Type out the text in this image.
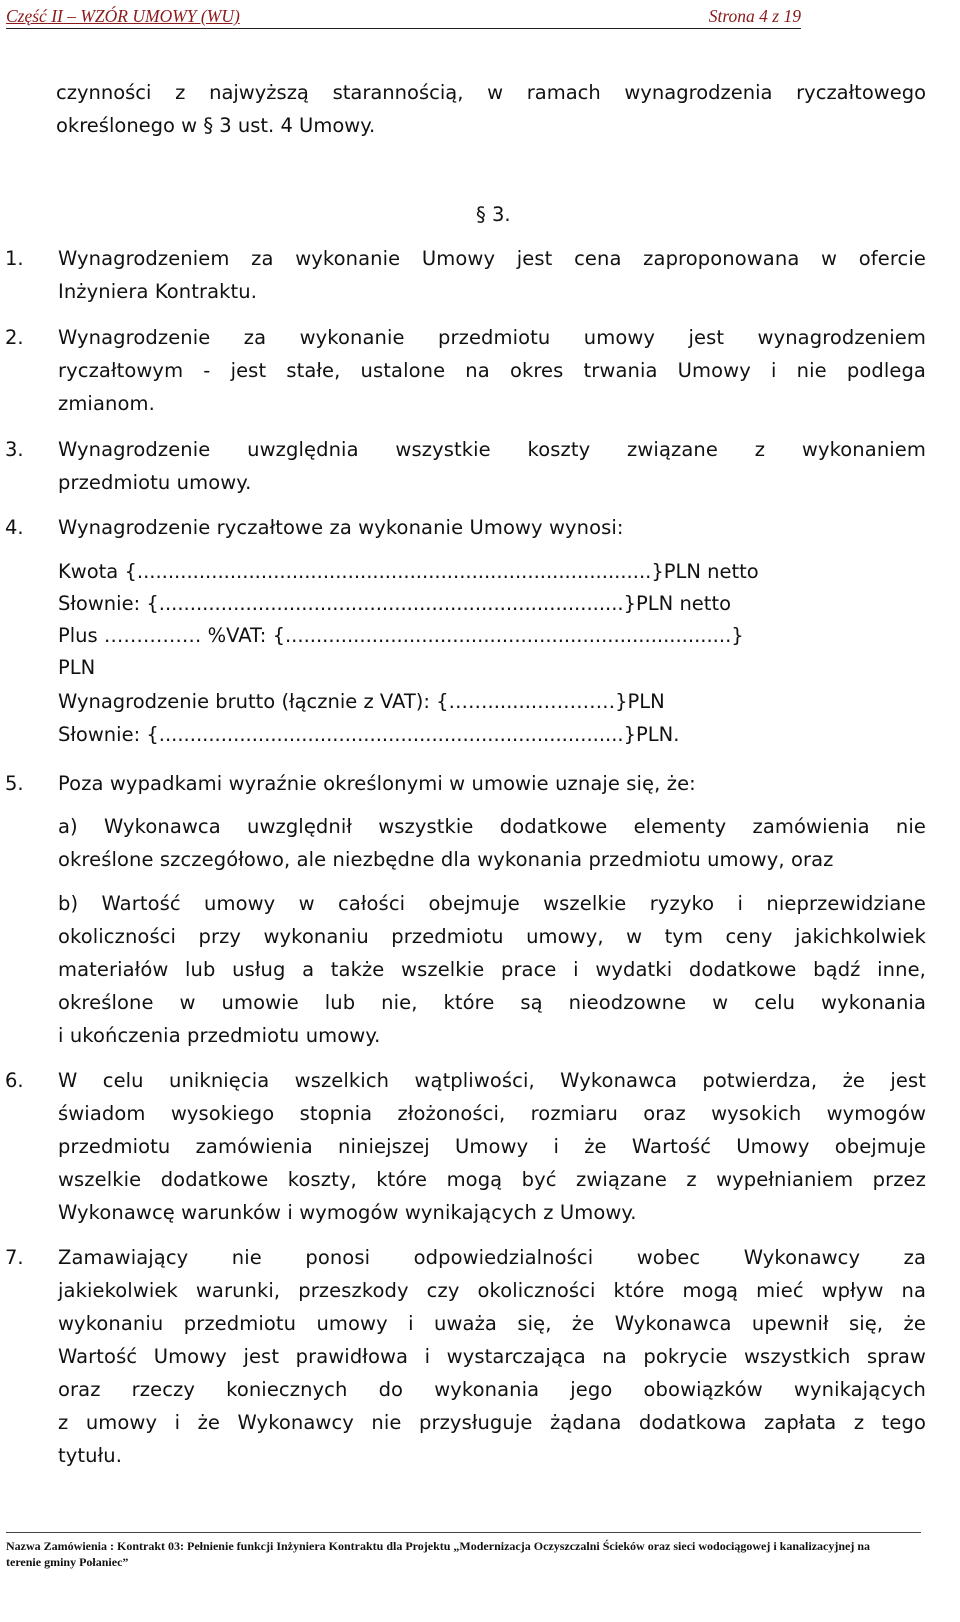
Część II – WZÓR UMOWY (WU)	Strona 4 z 19
czynności z najwyższą starannością, w ramach wynagrodzenia ryczałtowego
określonego w § 3 ust. 4 Umowy.
§ 3.
1. Wynagrodzeniem za wykonanie Umowy jest cena zaproponowana w ofercie
Inżyniera Kontraktu.
2. Wynagrodzenie za wykonanie przedmiotu umowy jest wynagrodzeniem
ryczałtowym - jest stałe, ustalone na okres trwania Umowy i nie podlega
zmianom.
3. Wynagrodzenie uwzględnia wszystkie koszty związane z wykonaniem
przedmiotu umowy.
4. Wynagrodzenie ryczałtowe za wykonanie Umowy wynosi:
Kwota {...................................................................................}PLN netto
Słownie: {...........................................................................}PLN netto
Plus …………… %VAT: {........................................................................}
PLN
Wynagrodzenie brutto (łącznie z VAT): {……........…………}PLN
Słownie: {...........................................................................}PLN.
5. Poza wypadkami wyraźnie określonymi w umowie uznaje się, że:
a) Wykonawca uwzględnił wszystkie dodatkowe elementy zamówienia nie
określone szczegółowo, ale niezbędne dla wykonania przedmiotu umowy, oraz
b) Wartość umowy w całości obejmuje wszelkie ryzyko i nieprzewidziane
okoliczności przy wykonaniu przedmiotu umowy, w tym ceny jakichkolwiek
materiałów lub usług a także wszelkie prace i wydatki dodatkowe bądź inne,
określone w umowie lub nie, które są nieodzowne w celu wykonania
i ukończenia przedmiotu umowy.
6. W celu uniknięcia wszelkich wątpliwości, Wykonawca potwierdza, że jest
świadom wysokiego stopnia złożoności, rozmiaru oraz wysokich wymogów
przedmiotu zamówienia niniejszej Umowy i że Wartość Umowy obejmuje
wszelkie dodatkowe koszty, które mogą być związane z wypełnianiem przez
Wykonawcę warunków i wymogów wynikających z Umowy.
7. Zamawiający nie ponosi odpowiedzialności wobec Wykonawcy za
jakiekolwiek warunki, przeszkody czy okoliczności które mogą mieć wpływ na
wykonaniu przedmiotu umowy i uważa się, że Wykonawca upewnił się, że
Wartość Umowy jest prawidłowa i wystarczająca na pokrycie wszystkich spraw
oraz rzeczy koniecznych do wykonania jego obowiązków wynikających
z umowy i że Wykonawcy nie przysługuje żądana dodatkowa zapłata z tego
tytułu.
Nazwa Zamówienia : Kontrakt 03: Pełnienie funkcji Inżyniera Kontraktu dla Projektu „Modernizacja Oczyszczalni Ścieków oraz sieci wodociągowej i kanalizacyjnej na
terenie gminy Połaniec”
